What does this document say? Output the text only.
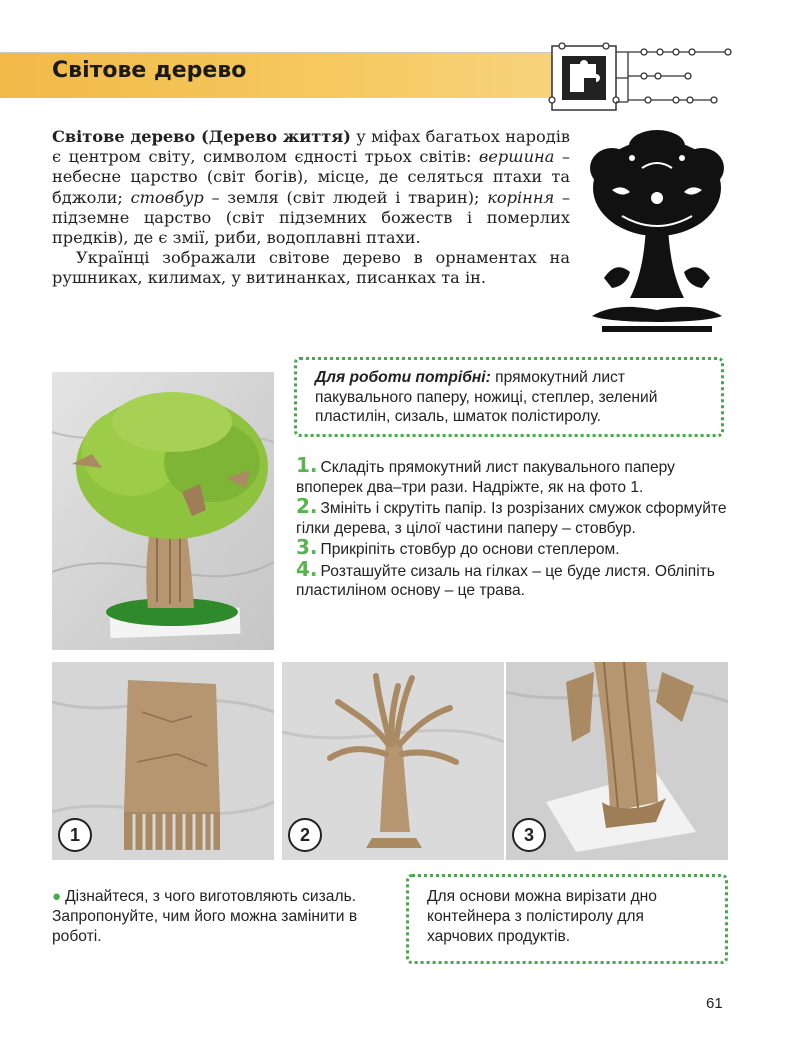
Світове дерево

Світове дерево (Дерево життя) у міфах багатьох народів є центром світу, символом єдності трьох світів: вершина – небесне царство (світ богів), місце, де селяться птахи та бджоли; стовбур – земля (світ людей і тварин); коріння – підземне царство (світ підземних божеств і померлих предків), де є змії, риби, водоплавні птахи.

Українці зображали світове дерево в орнаментах на рушниках, килимах, у витинанках, писанках та ін.

Для роботи потрібні: прямокутний лист пакувального паперу, ножиці, степлер, зелений пластилін, сизаль, шматок полістиролу.

1. Складіть прямокутний лист пакувального паперу впоперек два–три рази. Надріжте, як на фото 1.

2. Змініть і скрутіть папір. Із розрізаних смужок сформуйте гілки дерева, з цілої частини паперу – стовбур.

3. Прикріпіть стовбур до основи степлером.

4. Розташуйте сизаль на гілках – це буде листя. Обліпіть пластиліном основу – це трава.

1	2	3
● Дізнайтеся, з чого виготовляють сизаль. Запропонуйте, чим його можна замінити в роботі.
Для основи можна вирізати дно контейнера з полістиролу для харчових продуктів.
61
